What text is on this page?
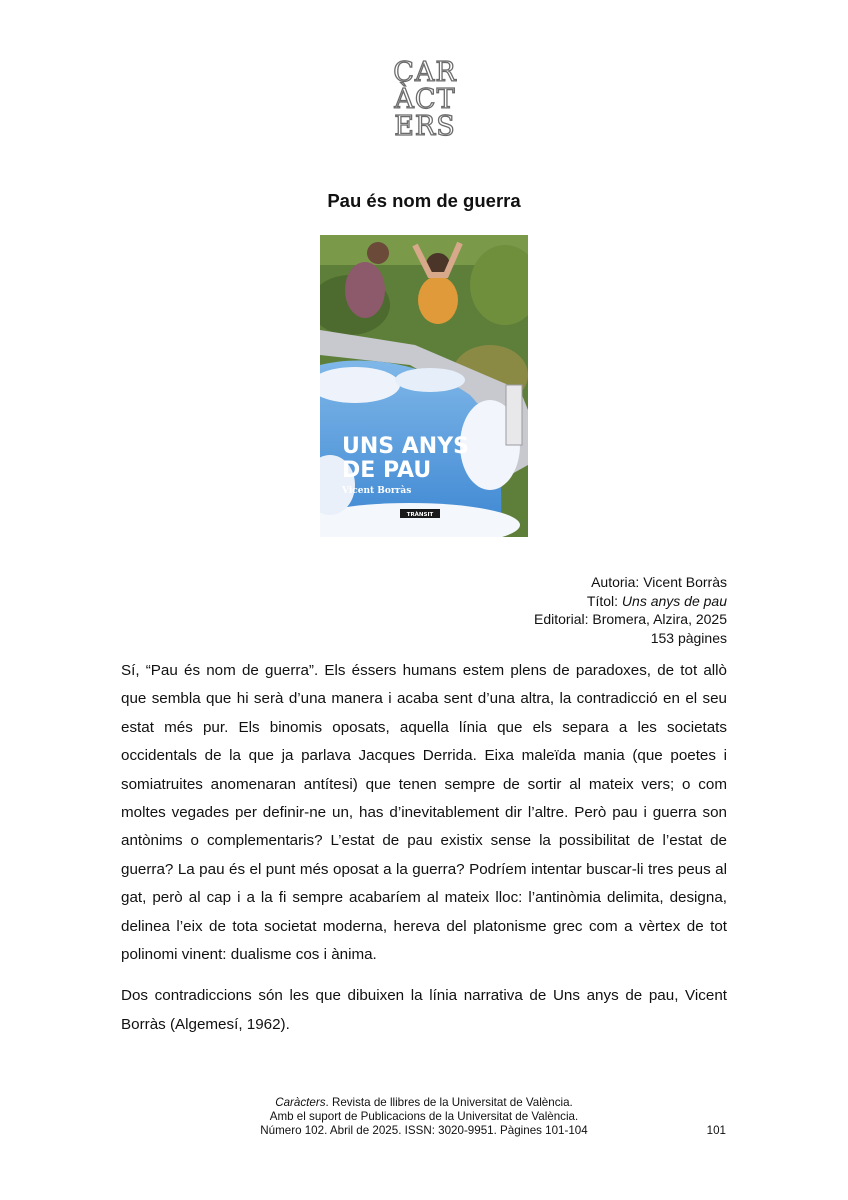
CAR
ÀCT
ERS
Pau és nom de guerra
UNS ANYS
DE PAU
Vicent Borràs
TRÀNSIT
Autoria: Vicent Borràs
Títol: Uns anys de pau
Editorial: Bromera, Alzira, 2025
153 pàgines

Sí, “Pau és nom de guerra”. Els éssers humans estem plens de paradoxes, de tot allò que sembla que hi serà d’una manera i acaba sent d’una altra, la contradicció en el seu estat més pur. Els binomis oposats, aquella línia que els separa a les societats occidentals de la que ja parlava Jacques Derrida. Eixa maleïda mania (que poetes i somiatruites anomenaran antítesi) que tenen sempre de sortir al mateix vers; o com moltes vegades per definir-ne un, has d’inevitablement dir l’altre. Però pau i guerra son antònims o complementaris? L’estat de pau existix sense la possibilitat de l’estat de guerra? La pau és el punt més oposat a la guerra? Podríem intentar buscar-li tres peus al gat, però al cap i a la fi sempre acabaríem al mateix lloc: l’antinòmia delimita, designa, delinea l’eix de tota societat moderna, hereva del platonisme grec com a vèrtex de tot polinomi vinent: dualisme cos i ànima.

Dos contradiccions són les que dibuixen la línia narrativa de Uns anys de pau, Vicent Borràs (Algemesí, 1962).

Caràcters. Revista de llibres de la Universitat de València.
Amb el suport de Publicacions de la Universitat de València.
Número 102. Abril de 2025. ISSN: 3020-9951. Pàgines 101-104	101
